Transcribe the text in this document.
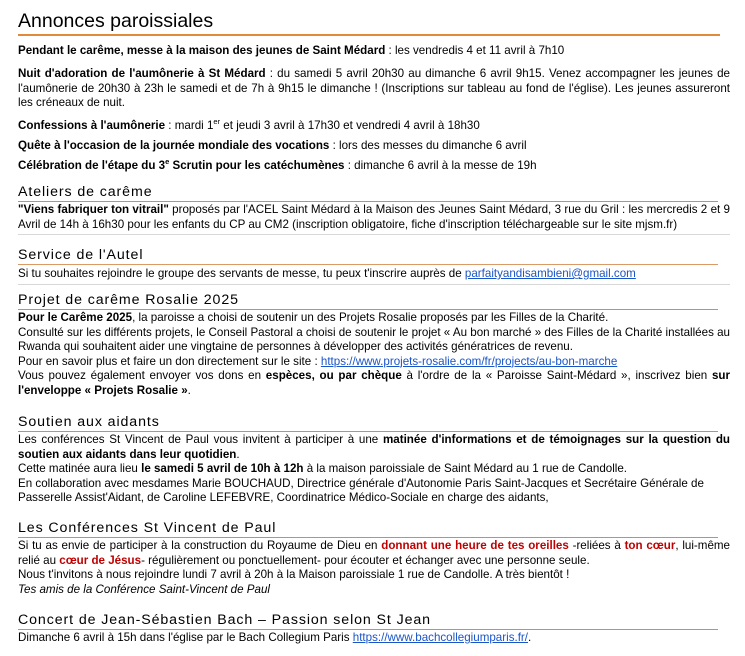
Annonces paroissiales
Pendant le carême, messe à la maison des jeunes de Saint Médard : les vendredis 4 et 11 avril à 7h10
Nuit d'adoration de l'aumônerie à St Médard : du samedi 5 avril 20h30 au dimanche 6 avril 9h15. Venez accompagner les jeunes de l'aumônerie de 20h30 à 23h le samedi et de 7h à 9h15 le dimanche ! (Inscriptions sur tableau au fond de l'église). Les jeunes assureront les créneaux de nuit.
Confessions à l'aumônerie : mardi 1er et jeudi 3 avril à 17h30 et vendredi 4 avril à 18h30
Quête à l'occasion de la journée mondiale des vocations : lors des messes du dimanche 6 avril
Célébration de l'étape du 3e Scrutin pour les catéchumènes : dimanche 6 avril à la messe de 19h
Ateliers de carême

"Viens fabriquer ton vitrail" proposés par l'ACEL Saint Médard à la Maison des Jeunes Saint Médard, 3 rue du Gril : les mercredis 2 et 9 Avril de 14h à 16h30 pour les enfants du CP au CM2 (inscription obligatoire, fiche d'inscription téléchargeable sur le site mjsm.fr)

Service de l'Autel

Si tu souhaites rejoindre le groupe des servants de messe, tu peux t'inscrire auprès de parfaityandisambieni@gmail.com

Projet de carême Rosalie 2025

Pour le Carême 2025, la paroisse a choisi de soutenir un des Projets Rosalie proposés par les Filles de la Charité.

Consulté sur les différents projets, le Conseil Pastoral a choisi de soutenir le projet « Au bon marché » des Filles de la Charité installées au Rwanda qui souhaitent aider une vingtaine de personnes à développer des activités génératrices de revenu.

Pour en savoir plus et faire un don directement sur le site : https://www.projets-rosalie.com/fr/projects/au-bon-marche

Vous pouvez également envoyer vos dons en espèces, ou par chèque à l'ordre de la « Paroisse Saint-Médard », inscrivez bien sur l'enveloppe « Projets Rosalie ».

Soutien aux aidants

Les conférences St Vincent de Paul vous invitent à participer à une matinée d'informations et de témoignages sur la question du soutien aux aidants dans leur quotidien.

Cette matinée aura lieu le samedi 5 avril de 10h à 12h à la maison paroissiale de Saint Médard au 1 rue de Candolle.

En collaboration avec mesdames Marie BOUCHAUD, Directrice générale d'Autonomie Paris Saint-Jacques et Secrétaire Générale de Passerelle Assist'Aidant, de Caroline LEFEBVRE, Coordinatrice Médico-Sociale en charge des aidants,

Les Conférences St Vincent de Paul

Si tu as envie de participer à la construction du Royaume de Dieu en donnant une heure de tes oreilles -reliées à ton cœur, lui-même relié au cœur de Jésus- régulièrement ou ponctuellement- pour écouter et échanger avec une personne seule.

Nous t'invitons à nous rejoindre lundi 7 avril à 20h à la Maison paroissiale 1 rue de Candolle. A très bientôt !

Tes amis de la Conférence Saint-Vincent de Paul

Concert de Jean-Sébastien Bach – Passion selon St Jean

Dimanche 6 avril à 15h dans l'église par le Bach Collegium Paris https://www.bachcollegiumparis.fr/.
